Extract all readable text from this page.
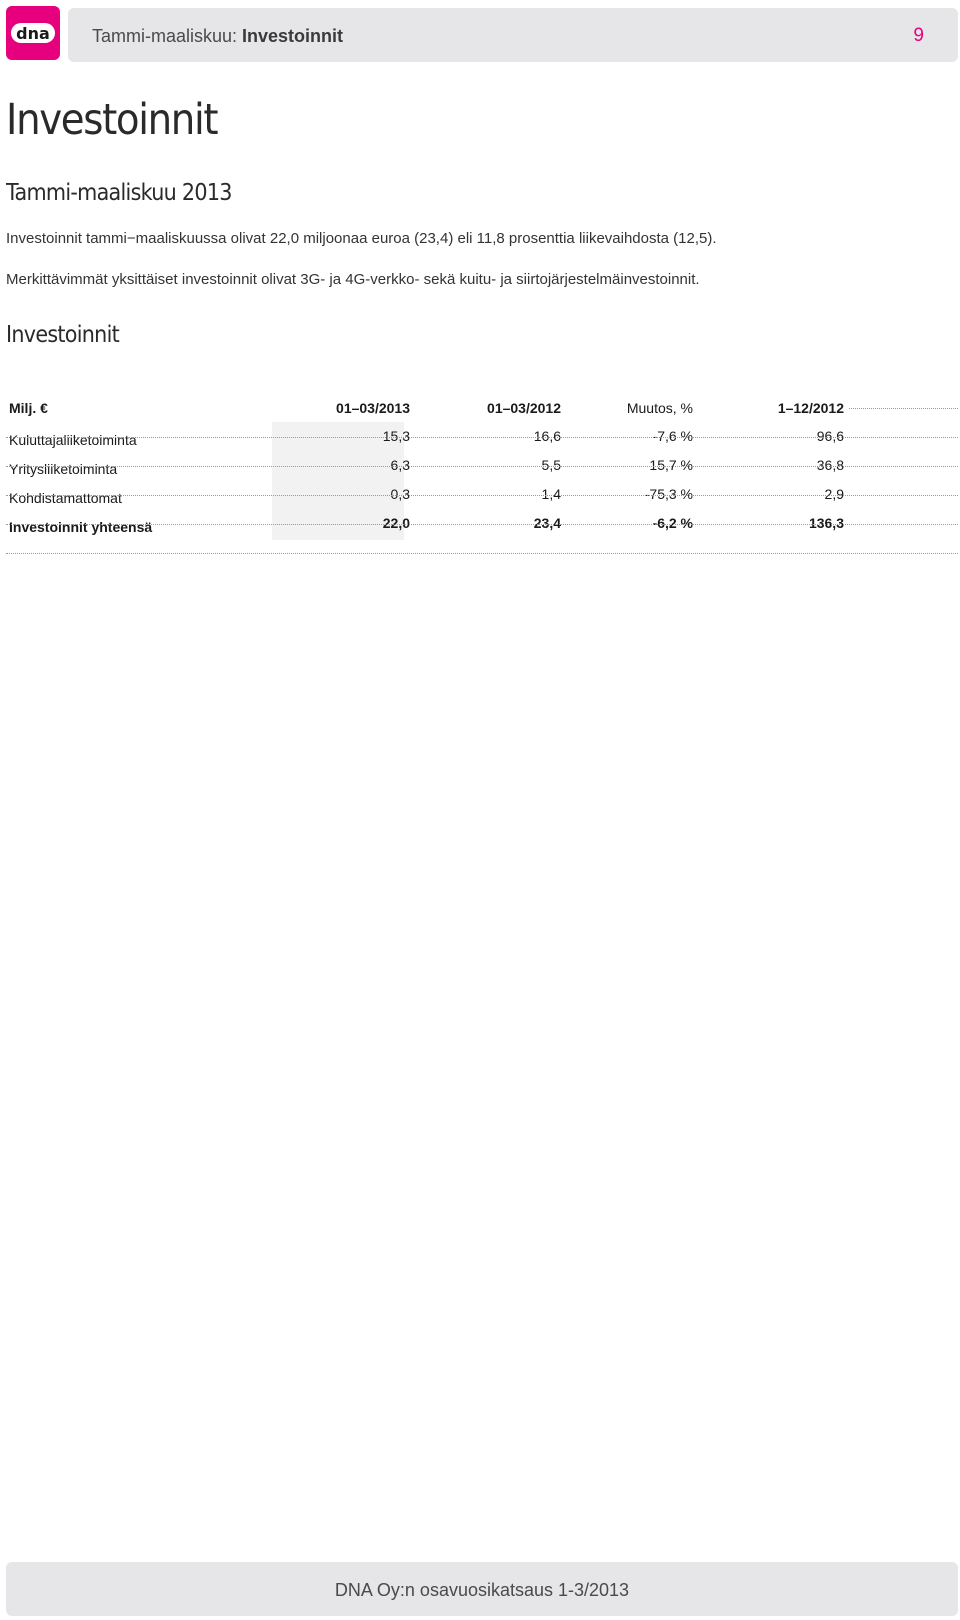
dna Tammi-maaliskuu: Investoinnit	9
Investoinnit
Tammi-maaliskuu 2013
Investoinnit tammi−maaliskuussa olivat 22,0 miljoonaa euroa (23,4) eli 11,8 prosenttia liikevaihdosta (12,5).
Merkittävimmät yksittäiset investoinnit olivat 3G- ja 4G-verkko- sekä kuitu- ja siirtojärjestelmäinvestoinnit.
Investoinnit
Milj. €	01–03/2013	01–03/2012	Muutos, %	1–12/2012
Kuluttajaliiketoiminta	15,3	16,6	-7,6 %	96,6
Yritysliiketoiminta	6,3	5,5	15,7 %	36,8
Kohdistamattomat	0,3	1,4	-75,3 %	2,9
Investoinnit yhteensä	22,0	23,4	-6,2 %	136,3
DNA Oy:n osavuosikatsaus 1-3/2013
